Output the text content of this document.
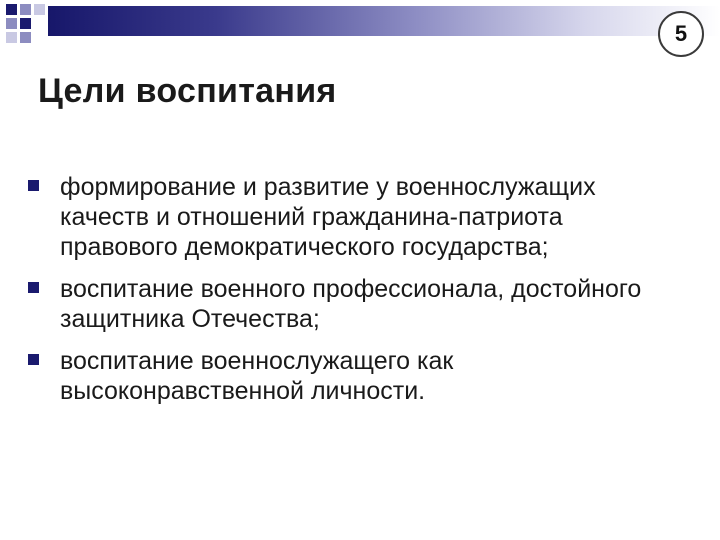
5
Цели воспитания
формирование и развитие у военнослужащих качеств и отношений гражданина-патриота правового демократического государства;
воспитание военного профессионала, достойного защитника Отечества;
воспитание военнослужащего как высоконравственной личности.
